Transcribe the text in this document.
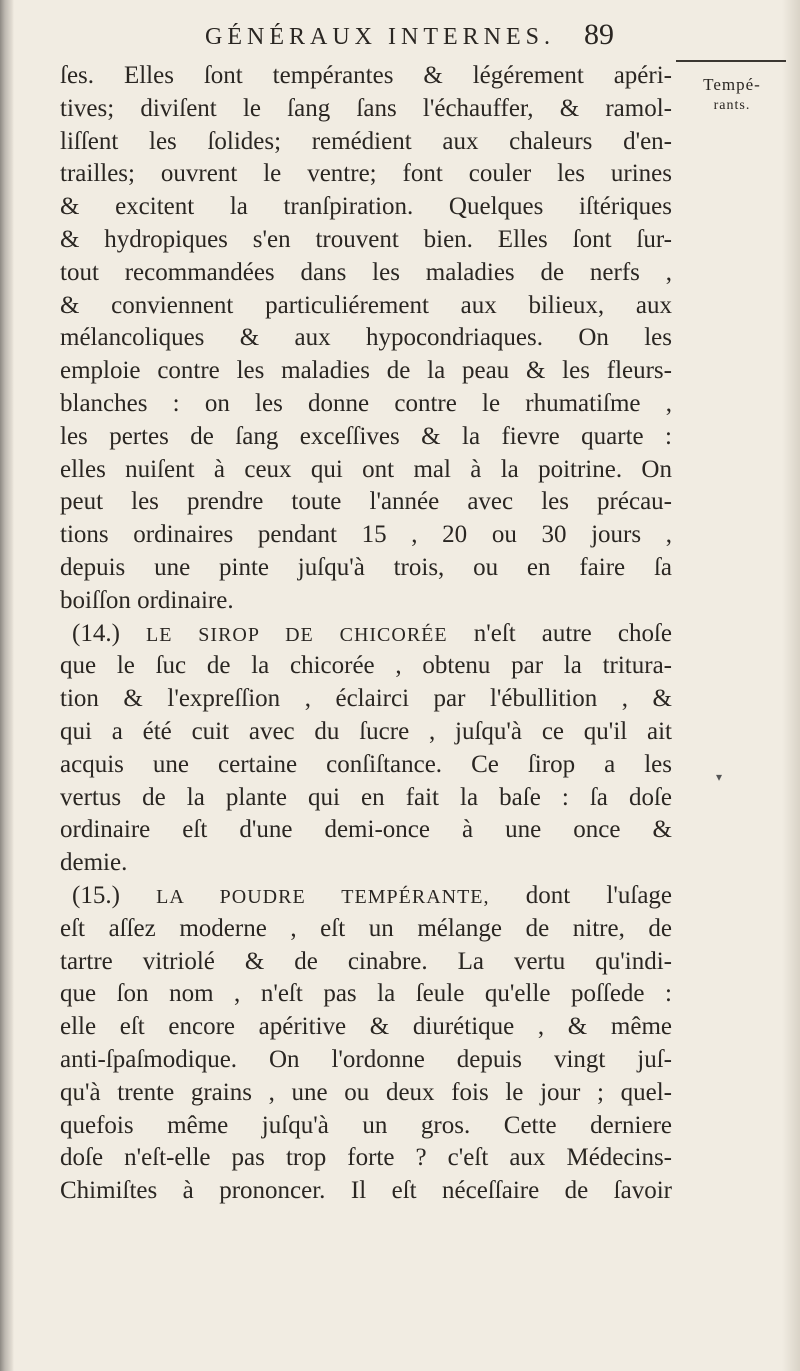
GÉNÉRAUX INTERNES. 89
Tempé-
rants.
▾
ſes. Elles ſont tempérantes & légérement apéri-
tives; diviſent le ſang ſans l'échauffer, & ramol-
liſſent les ſolides; remédient aux chaleurs d'en-
trailles; ouvrent le ventre; font couler les urines
& excitent la tranſpiration. Quelques iſtériques
& hydropiques s'en trouvent bien. Elles ſont ſur-
tout recommandées dans les maladies de nerfs ,
& conviennent particuliérement aux bilieux, aux
mélancoliques & aux hypocondriaques. On les
emploie contre les maladies de la peau & les fleurs-
blanches : on les donne contre le rhumatiſme ,
les pertes de ſang exceſſives & la fievre quarte :
elles nuiſent à ceux qui ont mal à la poitrine. On
peut les prendre toute l'année avec les précau-
tions ordinaires pendant 15 , 20 ou 30 jours ,
depuis une pinte juſqu'à trois, ou en faire ſa
boiſſon ordinaire.
(14.) LE SIROP DE CHICORÉE n'eſt autre choſe
que le ſuc de la chicorée , obtenu par la tritura-
tion & l'expreſſion , éclairci par l'ébullition , &
qui a été cuit avec du ſucre , juſqu'à ce qu'il ait
acquis une certaine conſiſtance. Ce ſirop a les
vertus de la plante qui en fait la baſe : ſa doſe
ordinaire eſt d'une demi-once à une once &
demie.
(15.) LA POUDRE TEMPÉRANTE, dont l'uſage
eſt aſſez moderne , eſt un mélange de nitre, de
tartre vitriolé & de cinabre. La vertu qu'indi-
que ſon nom , n'eſt pas la ſeule qu'elle poſſede :
elle eſt encore apéritive & diurétique , & même
anti-ſpaſmodique. On l'ordonne depuis vingt juſ-
qu'à trente grains , une ou deux fois le jour ; quel-
quefois même juſqu'à un gros. Cette derniere
doſe n'eſt-elle pas trop forte ? c'eſt aux Médecins-
Chimiſtes à prononcer. Il eſt néceſſaire de ſavoir
